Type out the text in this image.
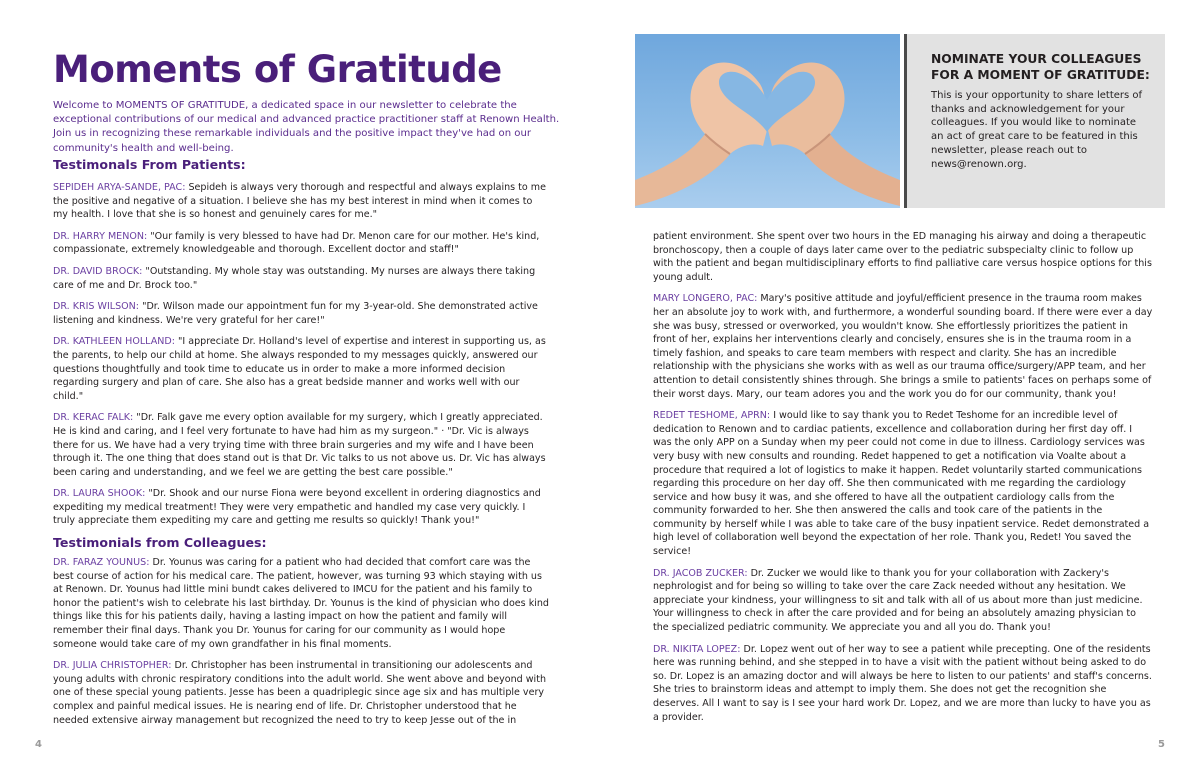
Moments of Gratitude

Welcome to MOMENTS OF GRATITUDE, a dedicated space in our newsletter to celebrate the exceptional contributions of our medical and advanced practice practitioner staff at Renown Health. Join us in recognizing these remarkable individuals and the positive impact they've had on our community's health and well-being.

Testimonals From Patients:

SEPIDEH ARYA-SANDE, PAC: Sepideh is always very thorough and respectful and always explains to me the positive and negative of a situation. I believe she has my best interest in mind when it comes to my health. I love that she is so honest and genuinely cares for me."

DR. HARRY MENON: "Our family is very blessed to have had Dr. Menon care for our mother. He's kind, compassionate, extremely knowledgeable and thorough. Excellent doctor and staff!"

DR. DAVID BROCK: "Outstanding. My whole stay was outstanding. My nurses are always there taking care of me and Dr. Brock too."

DR. KRIS WILSON: "Dr. Wilson made our appointment fun for my 3-year-old. She demonstrated active listening and kindness. We're very grateful for her care!"

DR. KATHLEEN HOLLAND: "I appreciate Dr. Holland's level of expertise and interest in supporting us, as the parents, to help our child at home. She always responded to my messages quickly, answered our questions thoughtfully and took time to educate us in order to make a more informed decision regarding surgery and plan of care. She also has a great bedside manner and works well with our child."

DR. KERAC FALK: "Dr. Falk gave me every option available for my surgery, which I greatly appreciated. He is kind and caring, and I feel very fortunate to have had him as my surgeon." · "Dr. Vic is always there for us. We have had a very trying time with three brain surgeries and my wife and I have been through it. The one thing that does stand out is that Dr. Vic talks to us not above us. Dr. Vic has always been caring and understanding, and we feel we are getting the best care possible."

DR. LAURA SHOOK: "Dr. Shook and our nurse Fiona were beyond excellent in ordering diagnostics and expediting my medical treatment! They were very empathetic and handled my case very quickly. I truly appreciate them expediting my care and getting me results so quickly! Thank you!"

Testimonials from Colleagues:

DR. FARAZ YOUNUS: Dr. Younus was caring for a patient who had decided that comfort care was the best course of action for his medical care. The patient, however, was turning 93 which staying with us at Renown. Dr. Younus had little mini bundt cakes delivered to IMCU for the patient and his family to honor the patient's wish to celebrate his last birthday. Dr. Younus is the kind of physician who does kind things like this for his patients daily, having a lasting impact on how the patient and family will remember their final days. Thank you Dr. Younus for caring for our community as I would hope someone would take care of my own grandfather in his final moments.

DR. JULIA CHRISTOPHER: Dr. Christopher has been instrumental in transitioning our adolescents and young adults with chronic respiratory conditions into the adult world. She went above and beyond with one of these special young patients. Jesse has been a quadriplegic since age six and has multiple very complex and painful medical issues. He is nearing end of life. Dr. Christopher understood that he needed extensive airway management but recognized the need to try to keep Jesse out of the in

4
NOMINATE YOUR COLLEAGUES FOR A MOMENT OF GRATITUDE:
This is your opportunity to share letters of thanks and acknowledgement for your colleagues. If you would like to nominate an act of great care to be featured in this newsletter, please reach out to news@renown.org.

patient environment. She spent over two hours in the ED managing his airway and doing a therapeutic bronchoscopy, then a couple of days later came over to the pediatric subspecialty clinic to follow up with the patient and began multidisciplinary efforts to find palliative care versus hospice options for this young adult.

MARY LONGERO, PAC: Mary's positive attitude and joyful/efficient presence in the trauma room makes her an absolute joy to work with, and furthermore, a wonderful sounding board. If there were ever a day she was busy, stressed or overworked, you wouldn't know. She effortlessly prioritizes the patient in front of her, explains her interventions clearly and concisely, ensures she is in the trauma room in a timely fashion, and speaks to care team members with respect and clarity. She has an incredible relationship with the physicians she works with as well as our trauma office/surgery/APP team, and her attention to detail consistently shines through. She brings a smile to patients' faces on perhaps some of their worst days. Mary, our team adores you and the work you do for our community, thank you!

REDET TESHOME, APRN: I would like to say thank you to Redet Teshome for an incredible level of dedication to Renown and to cardiac patients, excellence and collaboration during her first day off. I was the only APP on a Sunday when my peer could not come in due to illness. Cardiology services was very busy with new consults and rounding. Redet happened to get a notification via Voalte about a procedure that required a lot of logistics to make it happen. Redet voluntarily started communications regarding this procedure on her day off. She then communicated with me regarding the cardiology service and how busy it was, and she offered to have all the outpatient cardiology calls from the community forwarded to her. She then answered the calls and took care of the patients in the community by herself while I was able to take care of the busy inpatient service. Redet demonstrated a high level of collaboration well beyond the expectation of her role. Thank you, Redet! You saved the service!

DR. JACOB ZUCKER: Dr. Zucker we would like to thank you for your collaboration with Zackery's nephrologist and for being so willing to take over the care Zack needed without any hesitation. We appreciate your kindness, your willingness to sit and talk with all of us about more than just medicine. Your willingness to check in after the care provided and for being an absolutely amazing physician to the specialized pediatric community. We appreciate you and all you do. Thank you!

DR. NIKITA LOPEZ: Dr. Lopez went out of her way to see a patient while precepting. One of the residents here was running behind, and she stepped in to have a visit with the patient without being asked to do so. Dr. Lopez is an amazing doctor and will always be here to listen to our patients' and staff's concerns. She tries to brainstorm ideas and attempt to imply them. She does not get the recognition she deserves. All I want to say is I see your hard work Dr. Lopez, and we are more than lucky to have you as a provider.

5
